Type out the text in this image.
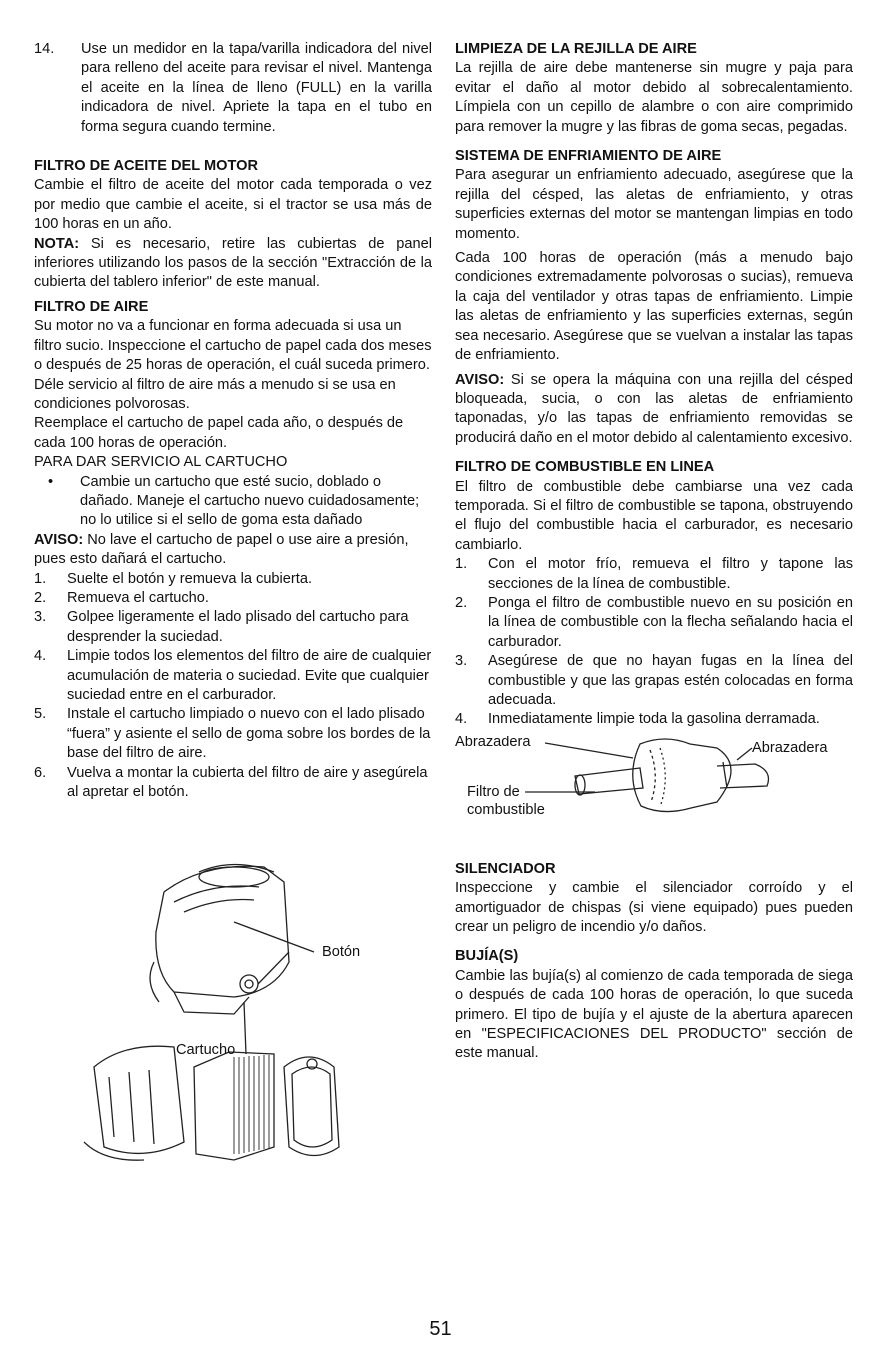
14.	Use un medidor en la tapa/varilla indicadora del nivel para relleno del aceite para revisar el nivel. Mantenga el aceite en la línea de lleno (FULL) en la varilla indicadora de nivel. Apriete la tapa en el tubo en forma segura cuando termine.

FILTRO DE ACEITE DEL MOTOR

Cambie el filtro de aceite del motor cada temporada o vez por medio que cambie el aceite, si el tractor se usa más de 100 horas en un año.

NOTA: Si es necesario, retire las cubiertas de panel inferiores utilizando los pasos de la sección "Extracción de la cubierta del tablero inferior" de este manual.

FILTRO DE AIRE

Su motor no va a funcionar en forma adecuada si usa un filtro sucio. Inspeccione el cartucho de papel cada dos meses o después de 25 horas de operación, el cuál suceda primero.

Déle servicio al filtro de aire más a menudo si se usa en condiciones polvorosas.

Reemplace el cartucho de papel cada año, o después de cada 100 horas de operación.

PARA DAR SERVICIO AL CARTUCHO

•	Cambie un cartucho que esté sucio, doblado o dañado. Maneje el cartucho nuevo cuidadosamente; no lo utilice si el sello de goma esta dañado

AVISO: No lave el cartucho de papel o use aire a presión, pues esto dañará el cartucho.

1.	Suelte el botón y remueva la cubierta.

2.	Remueva el cartucho.

3.	Golpee ligeramente el lado plisado del cartucho para desprender la suciedad.

4.	Limpie todos los elementos del filtro de aire de cualquier acumulación de materia o suciedad. Evite que cualquier suciedad entre en el carburador.

5.	Instale el cartucho limpiado o nuevo con el lado plisado “fuera” y asiente el sello de goma sobre los bordes de la base del filtro de aire.

6.	Vuelva a montar la cubierta del filtro de aire y asegúrela al apretar el botón.

Cartucho
Botón
LIMPIEZA DE LA REJILLA DE AIRE

La rejilla de aire debe mantenerse sin mugre y paja para evitar el daño al motor debido al sobrecalentamiento. Límpiela con un cepillo de alambre o con aire comprimido para remover la mugre y las fibras de goma secas, pegadas.

SISTEMA DE ENFRIAMIENTO DE AIRE

Para asegurar un enfriamiento adecuado, asegúrese que la rejilla del césped, las aletas de enfriamiento, y otras superficies externas del motor se mantengan limpias en todo momento.

Cada 100 horas de operación (más a menudo bajo condiciones extremadamente polvorosas o sucias), remueva la caja del ventilador y otras tapas de enfriamiento. Limpie las aletas de enfriamiento y las superficies externas, según sea necesario. Asegúrese que se vuelvan a instalar las tapas de enfriamiento.

AVISO: Si se opera la máquina con una rejilla del césped bloqueada, sucia, o con las aletas de enfriamiento taponadas, y/o las tapas de enfriamiento removidas se producirá daño en el motor debido al calentamiento excesivo.

FILTRO DE COMBUSTIBLE EN LINEA

El filtro de combustible debe cambiarse una vez cada temporada. Si el filtro de combustible se tapona, obstruyendo el flujo del combustible hacia el carburador, es necesario cambiarlo.

1.	Con el motor frío, remueva el filtro y tapone las secciones de la línea de combustible.

2.	Ponga el filtro de combustible nuevo en su posición en la línea de combustible con la flecha señalando hacia el carburador.

3.	Asegúrese de que no hayan fugas en la línea del combustible y que las grapas estén colocadas en forma adecuada.

4.	Inmediatamente limpie toda la gasolina derramada.

Abrazadera	Abrazadera
Filtro de
combustible
SILENCIADOR

Inspeccione y cambie el silenciador corroído y el amortiguador de chispas (si viene equipado) pues pueden crear un peligro de incendio y/o daños.

BUJÍA(S)

Cambie las bujía(s) al comienzo de cada temporada de siega o después de cada 100 horas de operación, lo que suceda primero. El tipo de bujía y el ajuste de la abertura aparecen en "ESPECIFICACIONES DEL PRODUCTO" sección de este manual.

51
